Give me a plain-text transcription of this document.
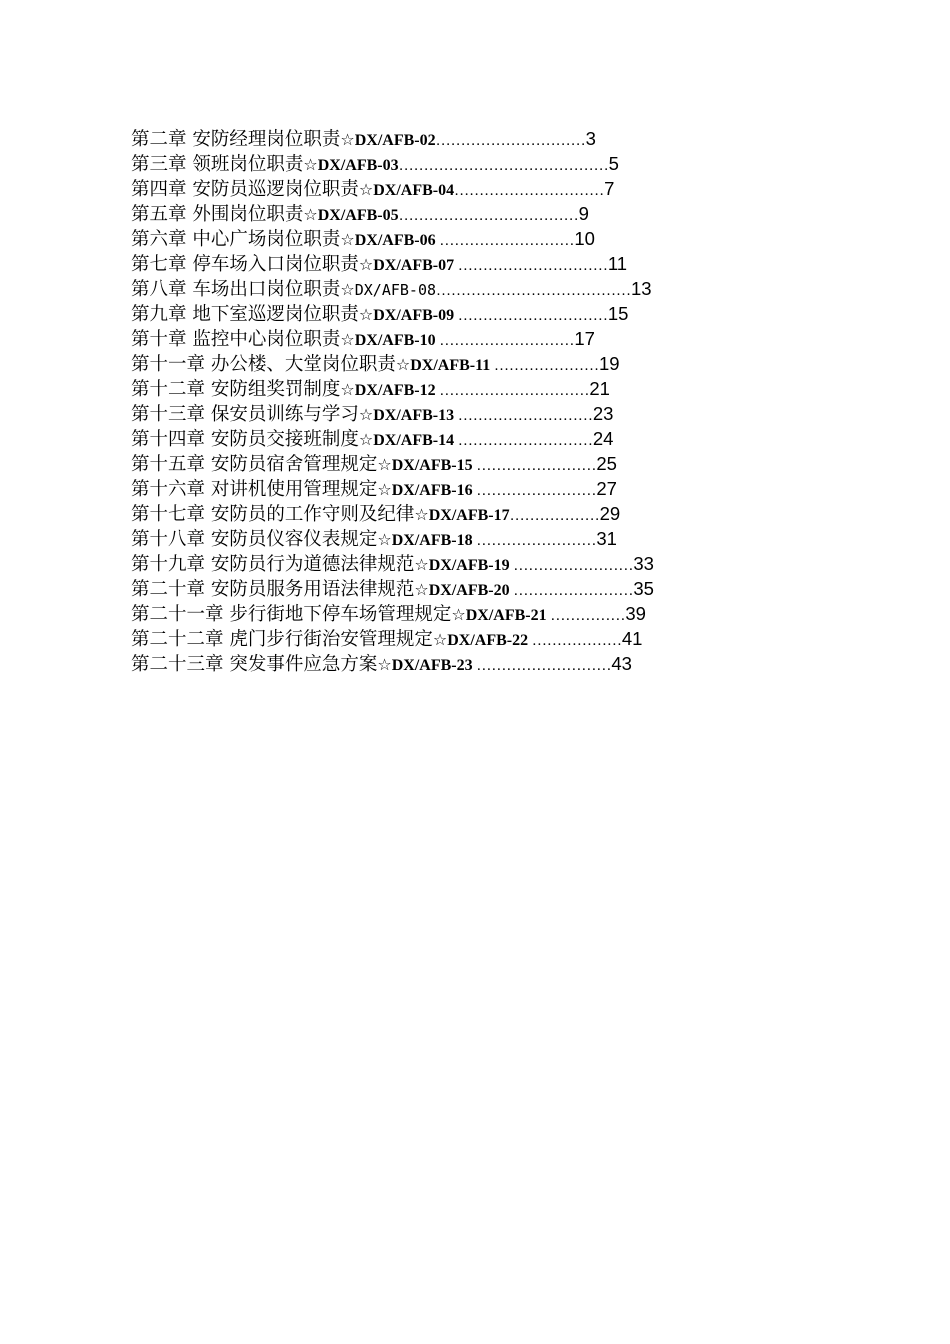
第二章 安防经理岗位职责☆DX/AFB-02…………………………3
第三章 领班岗位职责☆DX/AFB-03……………………………………5
第四章 安防员巡逻岗位职责☆DX/AFB-04…………………………7
第五章 外围岗位职责☆DX/AFB-05………………………………9
第六章 中心广场岗位职责☆DX/AFB-06 ………………………10
第七章 停车场入口岗位职责☆DX/AFB-07 …………………………11
第八章 车场出口岗位职责☆DX/AFB-08…………………………………13
第九章 地下室巡逻岗位职责☆DX/AFB-09 …………………………15
第十章 监控中心岗位职责☆DX/AFB-10 ………………………17
第十一章 办公楼、大堂岗位职责☆DX/AFB-11 …………………19
第十二章 安防组奖罚制度☆DX/AFB-12 …………………………21
第十三章 保安员训练与学习☆DX/AFB-13 ………………………23
第十四章 安防员交接班制度☆DX/AFB-14 ………………………24
第十五章 安防员宿舍管理规定☆DX/AFB-15 ……………………25
第十六章 对讲机使用管理规定☆DX/AFB-16 ……………………27
第十七章 安防员的工作守则及纪律☆DX/AFB-17………………29
第十八章 安防员仪容仪表规定☆DX/AFB-18 ……………………31
第十九章 安防员行为道德法律规范☆DX/AFB-19 ……………………33
第二十章 安防员服务用语法律规范☆DX/AFB-20 ……………………35
第二十一章 步行街地下停车场管理规定☆DX/AFB-21 ……………39
第二十二章 虎门步行街治安管理规定☆DX/AFB-22 ………………41
第二十三章 突发事件应急方案☆DX/AFB-23 ………………………43
